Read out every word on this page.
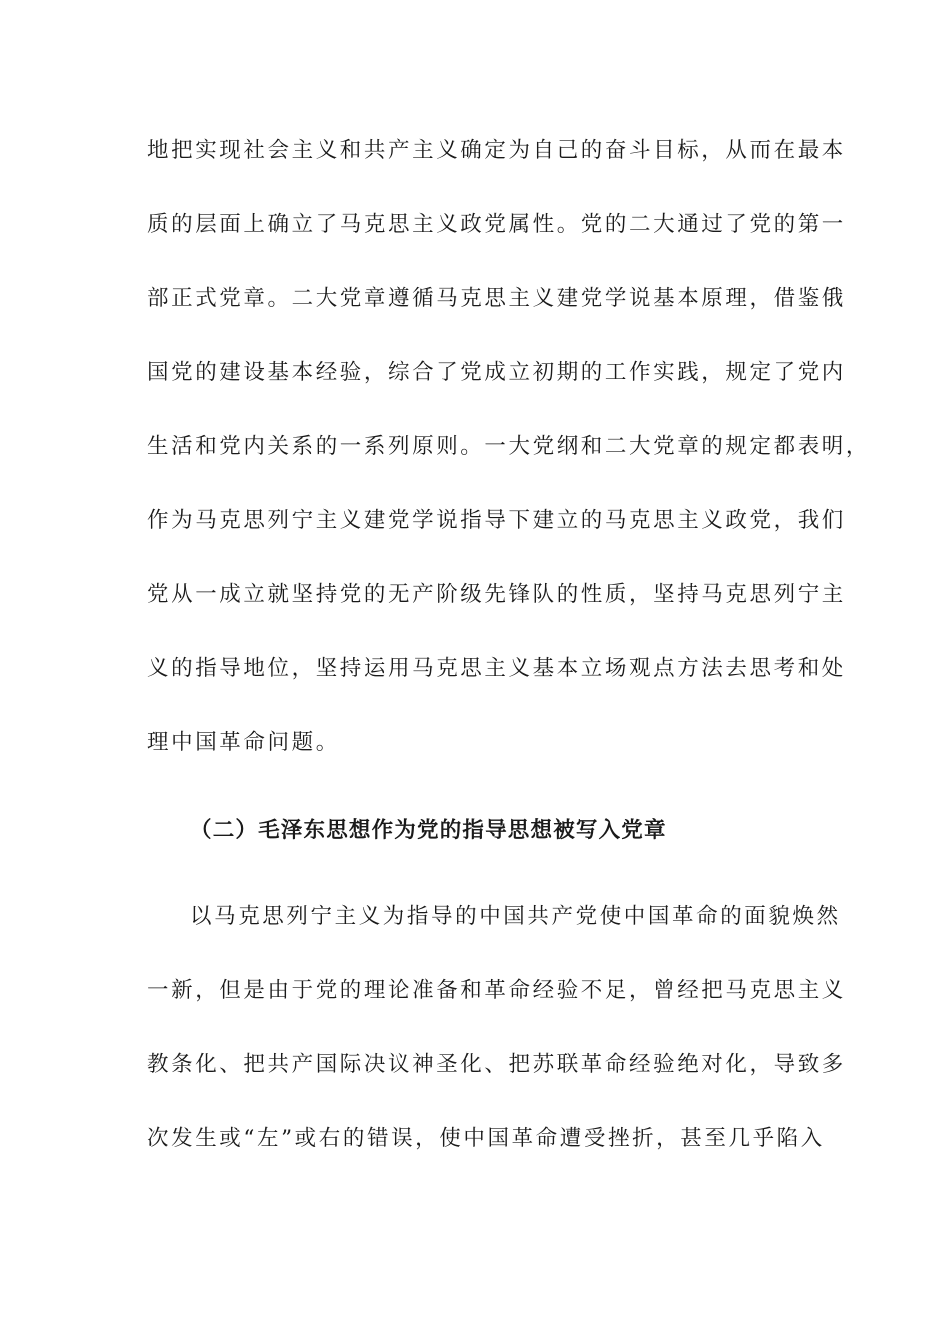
地把实现社会主义和共产主义确定为自己的奋斗目标，从而在最本
质的层面上确立了马克思主义政党属性。党的二大通过了党的第一
部正式党章。二大党章遵循马克思主义建党学说基本原理，借鉴俄
国党的建设基本经验，综合了党成立初期的工作实践，规定了党内
生活和党内关系的一系列原则。一大党纲和二大党章的规定都表明，
作为马克思列宁主义建党学说指导下建立的马克思主义政党，我们
党从一成立就坚持党的无产阶级先锋队的性质，坚持马克思列宁主
义的指导地位，坚持运用马克思主义基本立场观点方法去思考和处
理中国革命问题。
（二）毛泽东思想作为党的指导思想被写入党章
以马克思列宁主义为指导的中国共产党使中国革命的面貌焕然
一新，但是由于党的理论准备和革命经验不足，曾经把马克思主义
教条化、把共产国际决议神圣化、把苏联革命经验绝对化，导致多
次发生或“左”或右的错误，使中国革命遭受挫折，甚至几乎陷入
